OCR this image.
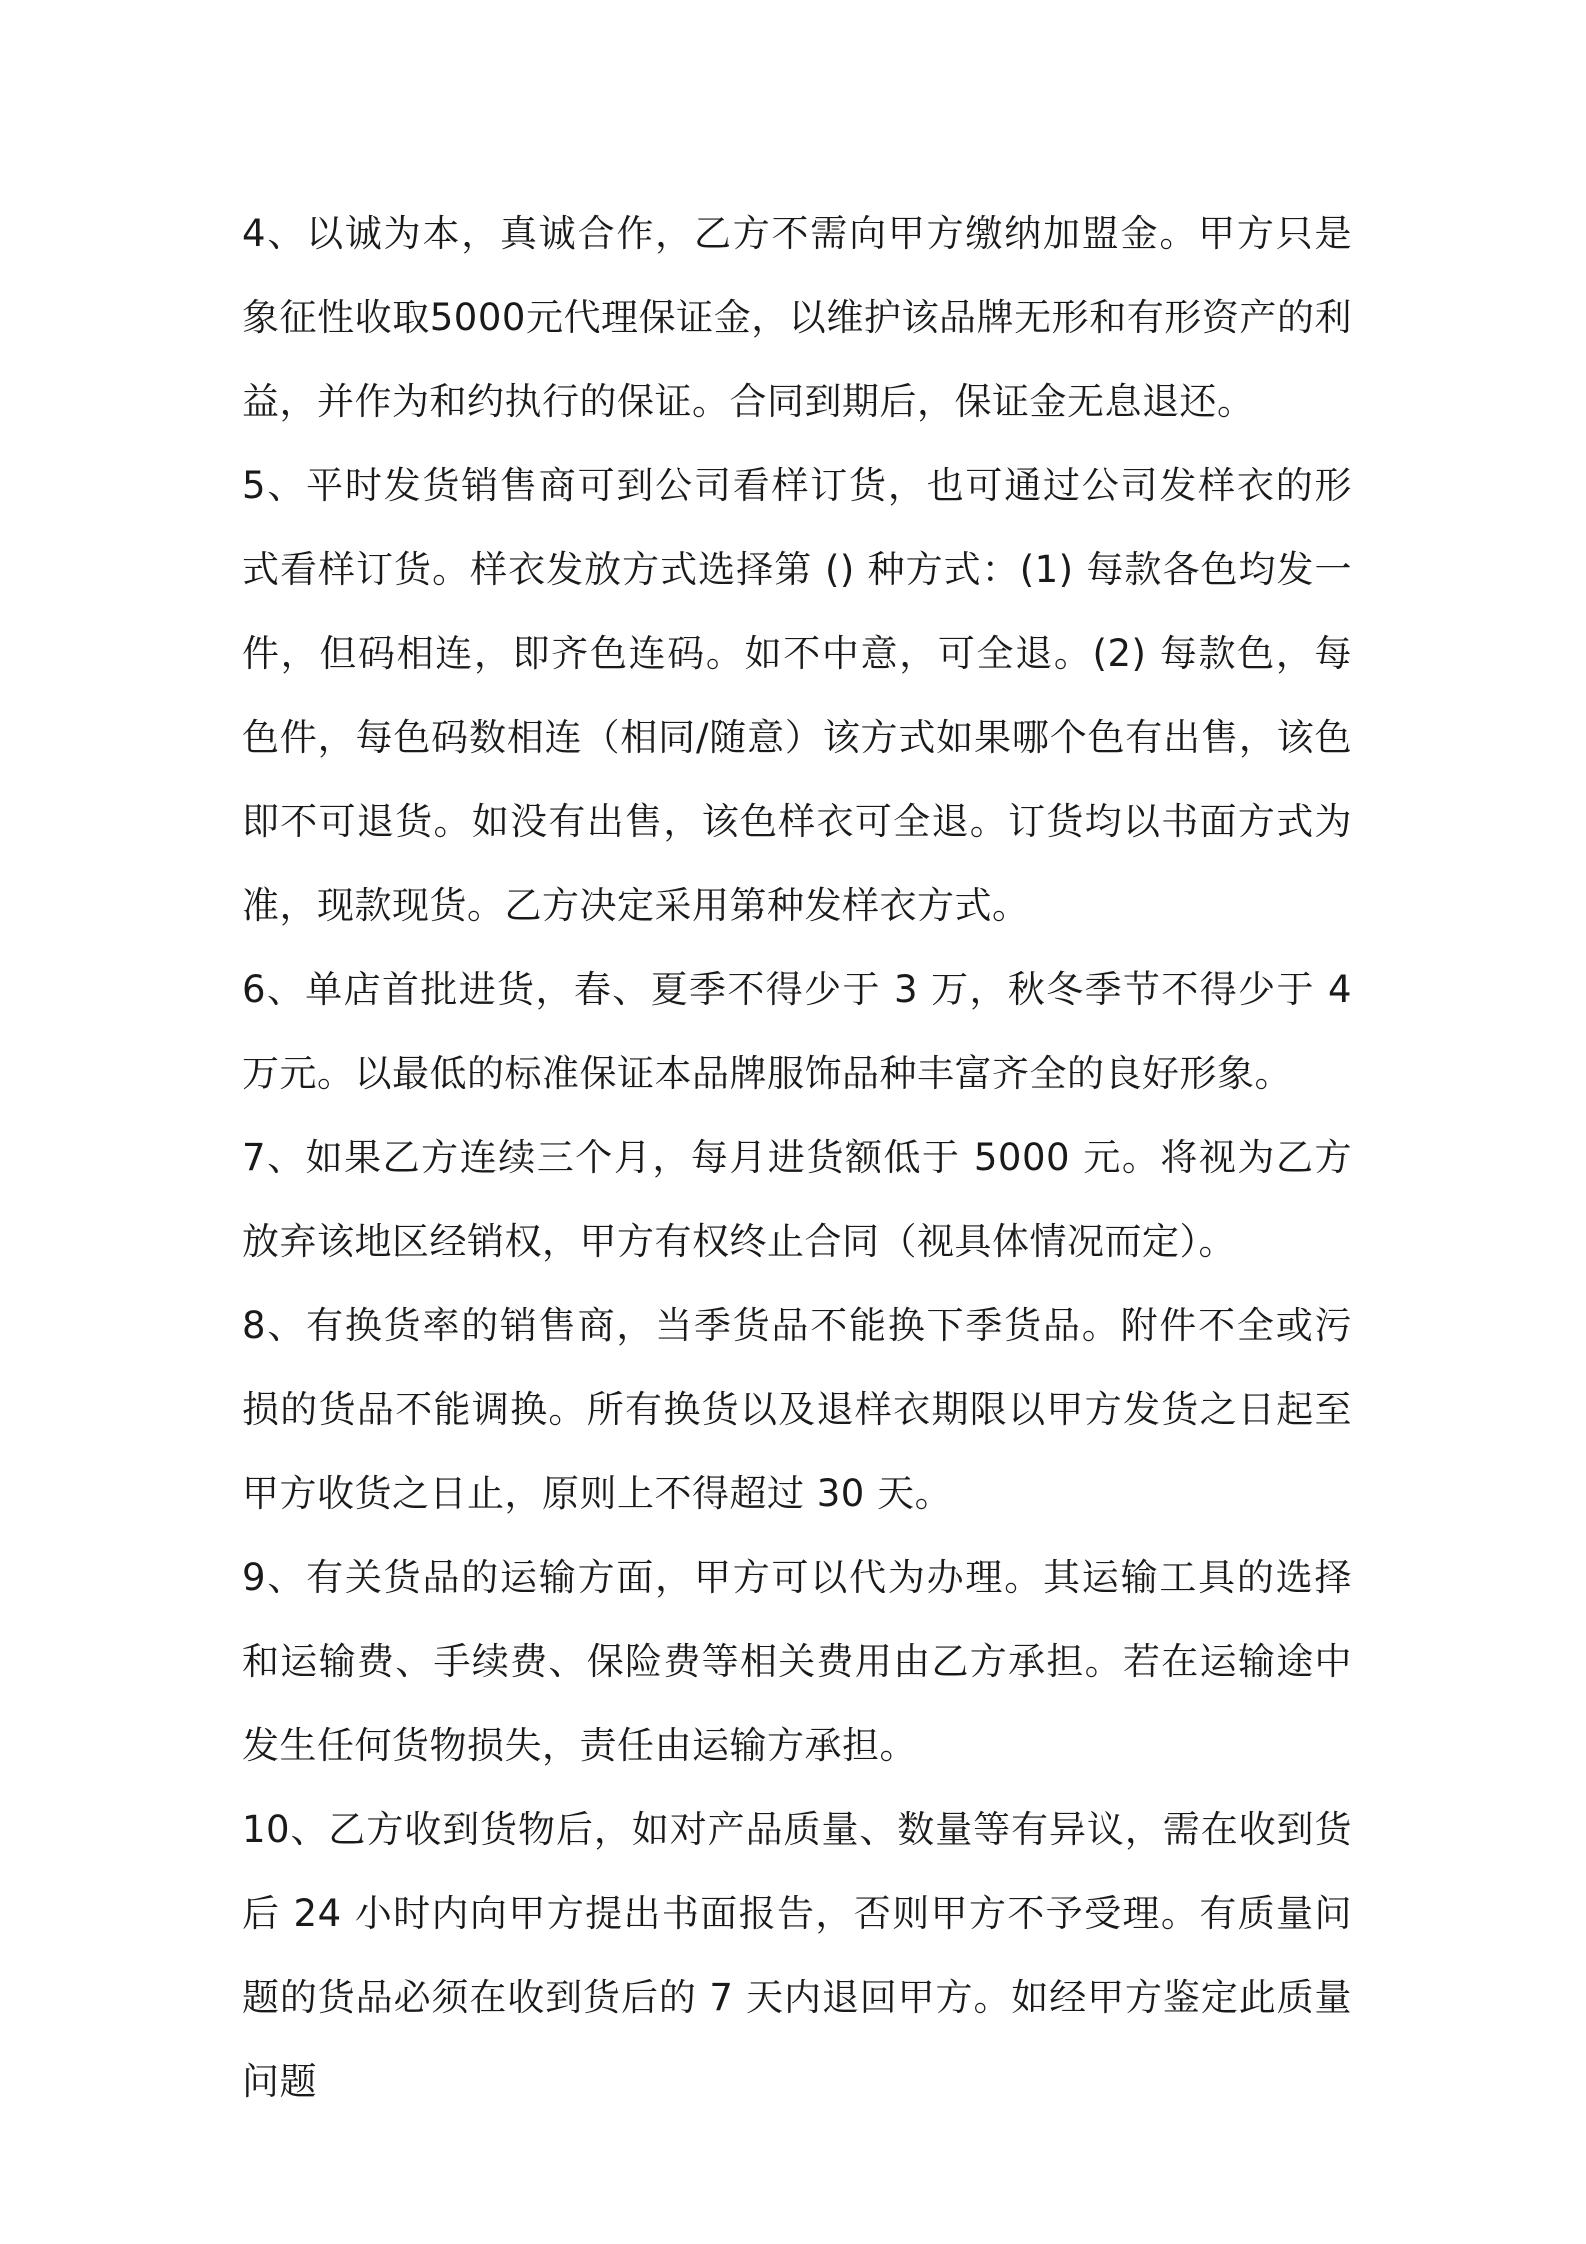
4、以诚为本，真诚合作，乙方不需向甲方缴纳加盟金。甲方只是象征性收取5000元代理保证金，以维护该品牌无形和有形资产的利益，并作为和约执行的保证。合同到期后，保证金无息退还。

5、平时发货销售商可到公司看样订货，也可通过公司发样衣的形式看样订货。样衣发放方式选择第 () 种方式：(1) 每款各色均发一件，但码相连，即齐色连码。如不中意，可全退。(2) 每款色，每色件，每色码数相连（相同/随意）该方式如果哪个色有出售，该色即不可退货。如没有出售，该色样衣可全退。订货均以书面方式为准，现款现货。乙方决定采用第种发样衣方式。

6、单店首批进货，春、夏季不得少于 3 万，秋冬季节不得少于 4 万元。以最低的标准保证本品牌服饰品种丰富齐全的良好形象。

7、如果乙方连续三个月，每月进货额低于 5000 元。将视为乙方放弃该地区经销权，甲方有权终止合同（视具体情况而定）。

8、有换货率的销售商，当季货品不能换下季货品。附件不全或污损的货品不能调换。所有换货以及退样衣期限以甲方发货之日起至甲方收货之日止，原则上不得超过 30 天。

9、有关货品的运输方面，甲方可以代为办理。其运输工具的选择和运输费、手续费、保险费等相关费用由乙方承担。若在运输途中发生任何货物损失，责任由运输方承担。

10、乙方收到货物后，如对产品质量、数量等有异议，需在收到货后 24 小时内向甲方提出书面报告，否则甲方不予受理。有质量问题的货品必须在收到货后的 7 天内退回甲方。如经甲方鉴定此质量问题
